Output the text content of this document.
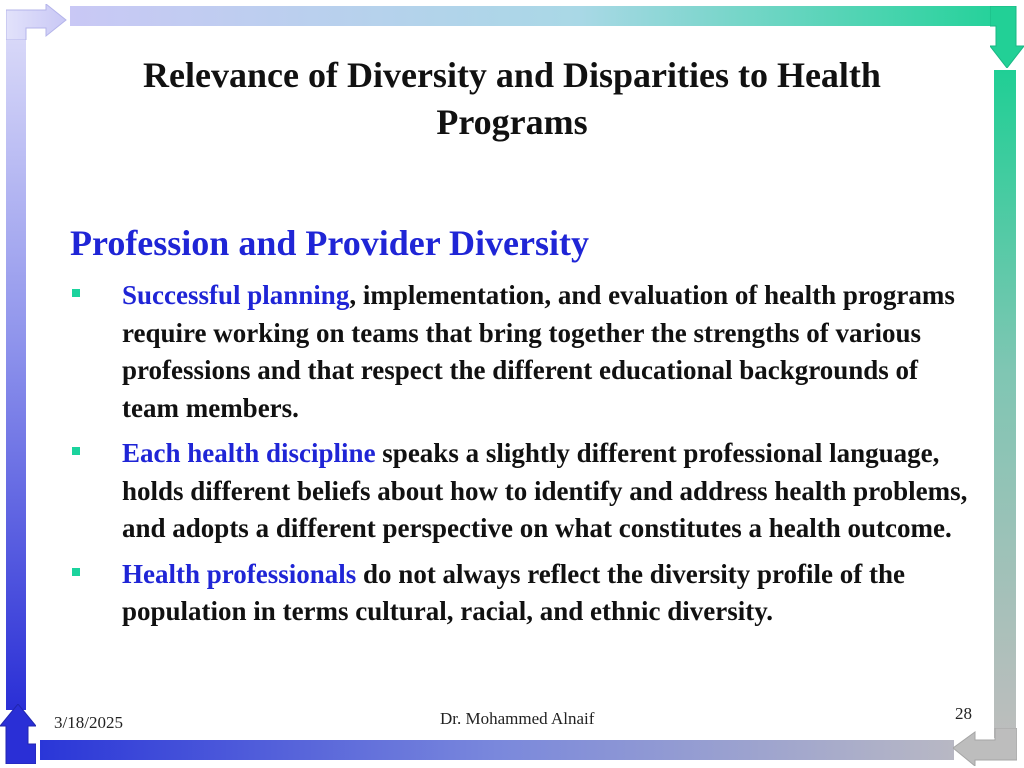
Relevance of Diversity and Disparities to Health Programs
Profession and Provider Diversity
Successful planning, implementation, and evaluation of health programs require working on teams that bring together the strengths of various professions and that respect the different educational backgrounds of team members.
Each health discipline speaks a slightly different professional language, holds different beliefs about how to identify and address health problems, and adopts a different perspective on what constitutes a health outcome.
Health professionals do not always reflect the diversity profile of the population in terms cultural, racial, and ethnic diversity.
3/18/2025	Dr. Mohammed Alnaif	28
